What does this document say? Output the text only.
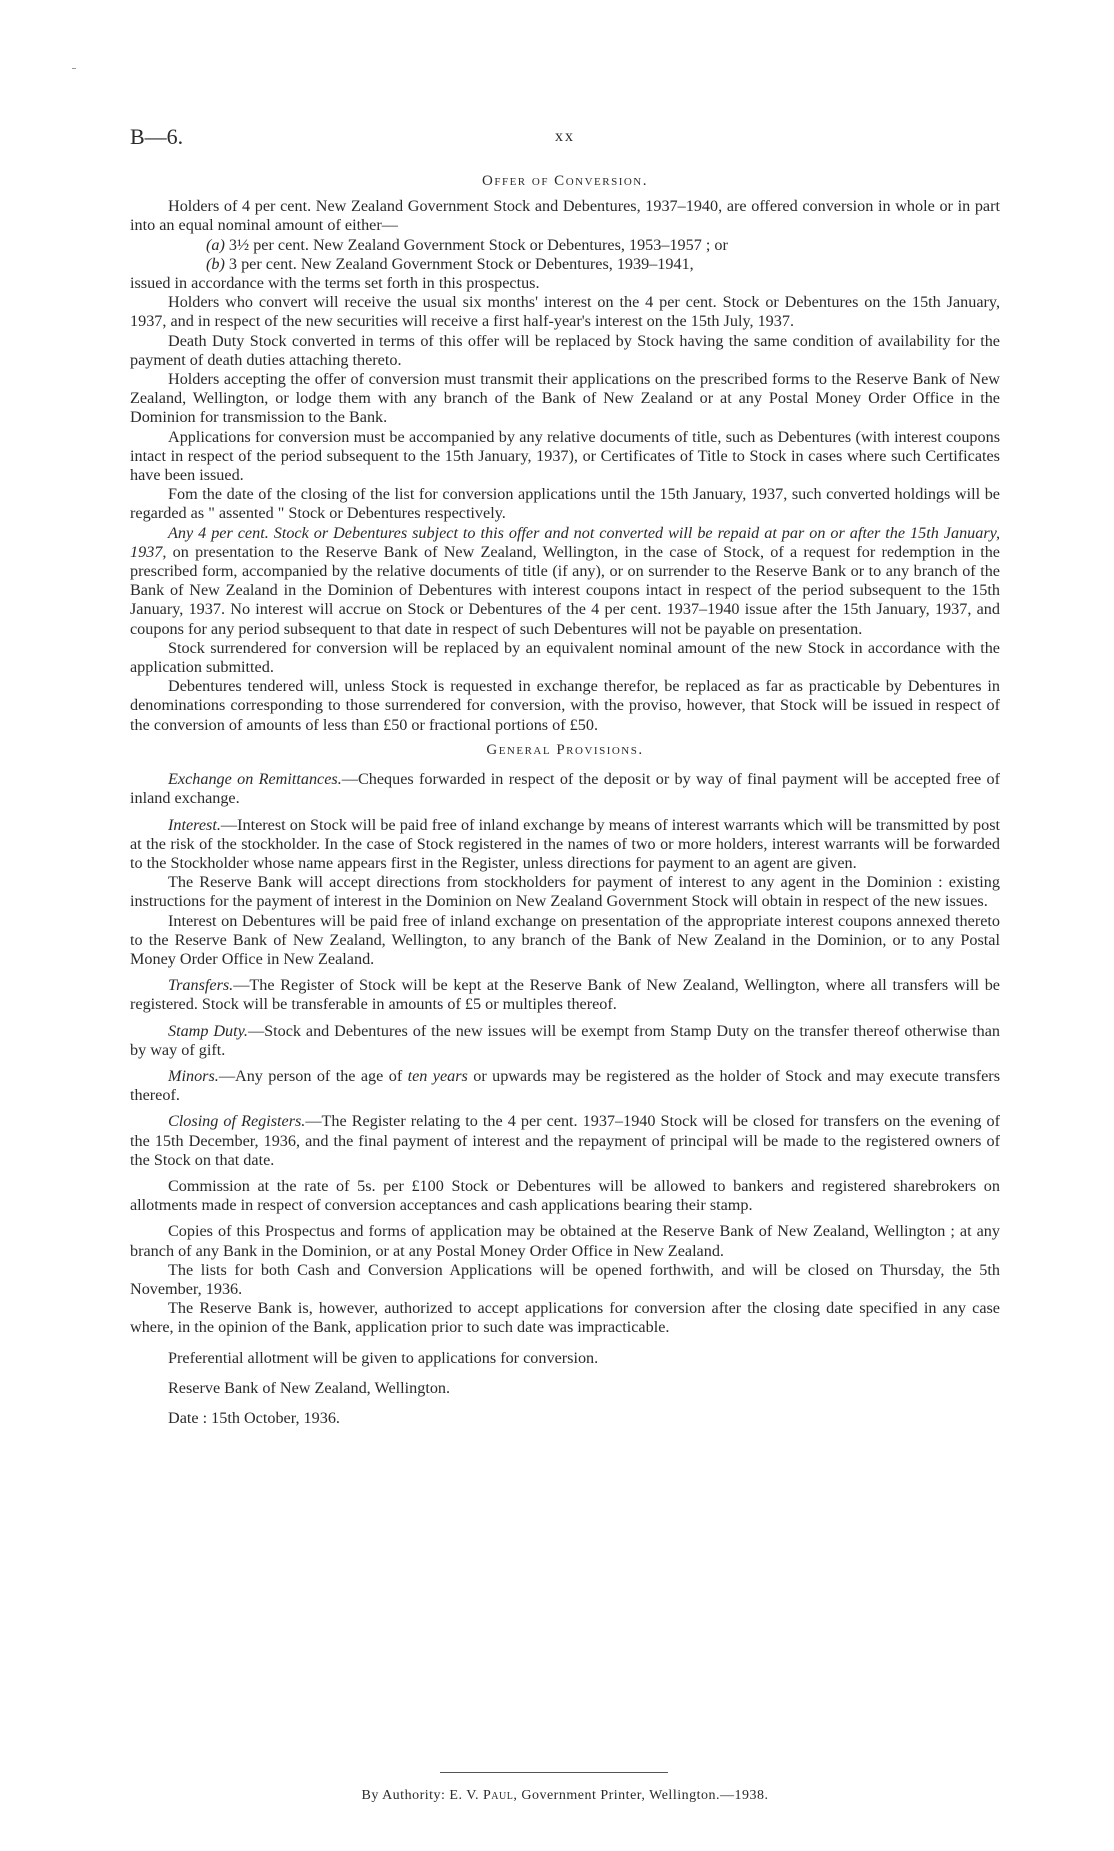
B—6.	xx
Offer of Conversion.

Holders of 4 per cent. New Zealand Government Stock and Debentures, 1937–1940, are offered conversion in whole or in part into an equal nominal amount of either—

(a) 3½ per cent. New Zealand Government Stock or Debentures, 1953–1957 ; or

(b) 3 per cent. New Zealand Government Stock or Debentures, 1939–1941,

issued in accordance with the terms set forth in this prospectus.

Holders who convert will receive the usual six months' interest on the 4 per cent. Stock or Debentures on the 15th January, 1937, and in respect of the new securities will receive a first half-year's interest on the 15th July, 1937.

Death Duty Stock converted in terms of this offer will be replaced by Stock having the same condition of availability for the payment of death duties attaching thereto.

Holders accepting the offer of conversion must transmit their applications on the prescribed forms to the Reserve Bank of New Zealand, Wellington, or lodge them with any branch of the Bank of New Zealand or at any Postal Money Order Office in the Dominion for transmission to the Bank.

Applications for conversion must be accompanied by any relative documents of title, such as Debentures (with interest coupons intact in respect of the period subsequent to the 15th January, 1937), or Certificates of Title to Stock in cases where such Certificates have been issued.

Fom the date of the closing of the list for conversion applications until the 15th January, 1937, such converted holdings will be regarded as " assented " Stock or Debentures respectively.

Any 4 per cent. Stock or Debentures subject to this offer and not converted will be repaid at par on or after the 15th January, 1937, on presentation to the Reserve Bank of New Zealand, Wellington, in the case of Stock, of a request for redemption in the prescribed form, accompanied by the relative documents of title (if any), or on surrender to the Reserve Bank or to any branch of the Bank of New Zealand in the Dominion of Debentures with interest coupons intact in respect of the period subsequent to the 15th January, 1937. No interest will accrue on Stock or Debentures of the 4 per cent. 1937–1940 issue after the 15th January, 1937, and coupons for any period subsequent to that date in respect of such Debentures will not be payable on presentation.

Stock surrendered for conversion will be replaced by an equivalent nominal amount of the new Stock in accordance with the application submitted.

Debentures tendered will, unless Stock is requested in exchange therefor, be replaced as far as practicable by Debentures in denominations corresponding to those surrendered for conversion, with the proviso, however, that Stock will be issued in respect of the conversion of amounts of less than £50 or fractional portions of £50.

General Provisions.

Exchange on Remittances.—Cheques forwarded in respect of the deposit or by way of final payment will be accepted free of inland exchange.

Interest.—Interest on Stock will be paid free of inland exchange by means of interest warrants which will be transmitted by post at the risk of the stockholder. In the case of Stock registered in the names of two or more holders, interest warrants will be forwarded to the Stockholder whose name appears first in the Register, unless directions for payment to an agent are given.

The Reserve Bank will accept directions from stockholders for payment of interest to any agent in the Dominion : existing instructions for the payment of interest in the Dominion on New Zealand Government Stock will obtain in respect of the new issues.

Interest on Debentures will be paid free of inland exchange on presentation of the appropriate interest coupons annexed thereto to the Reserve Bank of New Zealand, Wellington, to any branch of the Bank of New Zealand in the Dominion, or to any Postal Money Order Office in New Zealand.

Transfers.—The Register of Stock will be kept at the Reserve Bank of New Zealand, Wellington, where all transfers will be registered. Stock will be transferable in amounts of £5 or multiples thereof.

Stamp Duty.—Stock and Debentures of the new issues will be exempt from Stamp Duty on the transfer thereof otherwise than by way of gift.

Minors.—Any person of the age of ten years or upwards may be registered as the holder of Stock and may execute transfers thereof.

Closing of Registers.—The Register relating to the 4 per cent. 1937–1940 Stock will be closed for transfers on the evening of the 15th December, 1936, and the final payment of interest and the repayment of principal will be made to the registered owners of the Stock on that date.

Commission at the rate of 5s. per £100 Stock or Debentures will be allowed to bankers and registered sharebrokers on allotments made in respect of conversion acceptances and cash applications bearing their stamp.

Copies of this Prospectus and forms of application may be obtained at the Reserve Bank of New Zealand, Wellington ; at any branch of any Bank in the Dominion, or at any Postal Money Order Office in New Zealand.

The lists for both Cash and Conversion Applications will be opened forthwith, and will be closed on Thursday, the 5th November, 1936.

The Reserve Bank is, however, authorized to accept applications for conversion after the closing date specified in any case where, in the opinion of the Bank, application prior to such date was impracticable.

Preferential allotment will be given to applications for conversion.

Reserve Bank of New Zealand, Wellington.

Date : 15th October, 1936.

By Authority: E. V. Paul, Government Printer, Wellington.—1938.
